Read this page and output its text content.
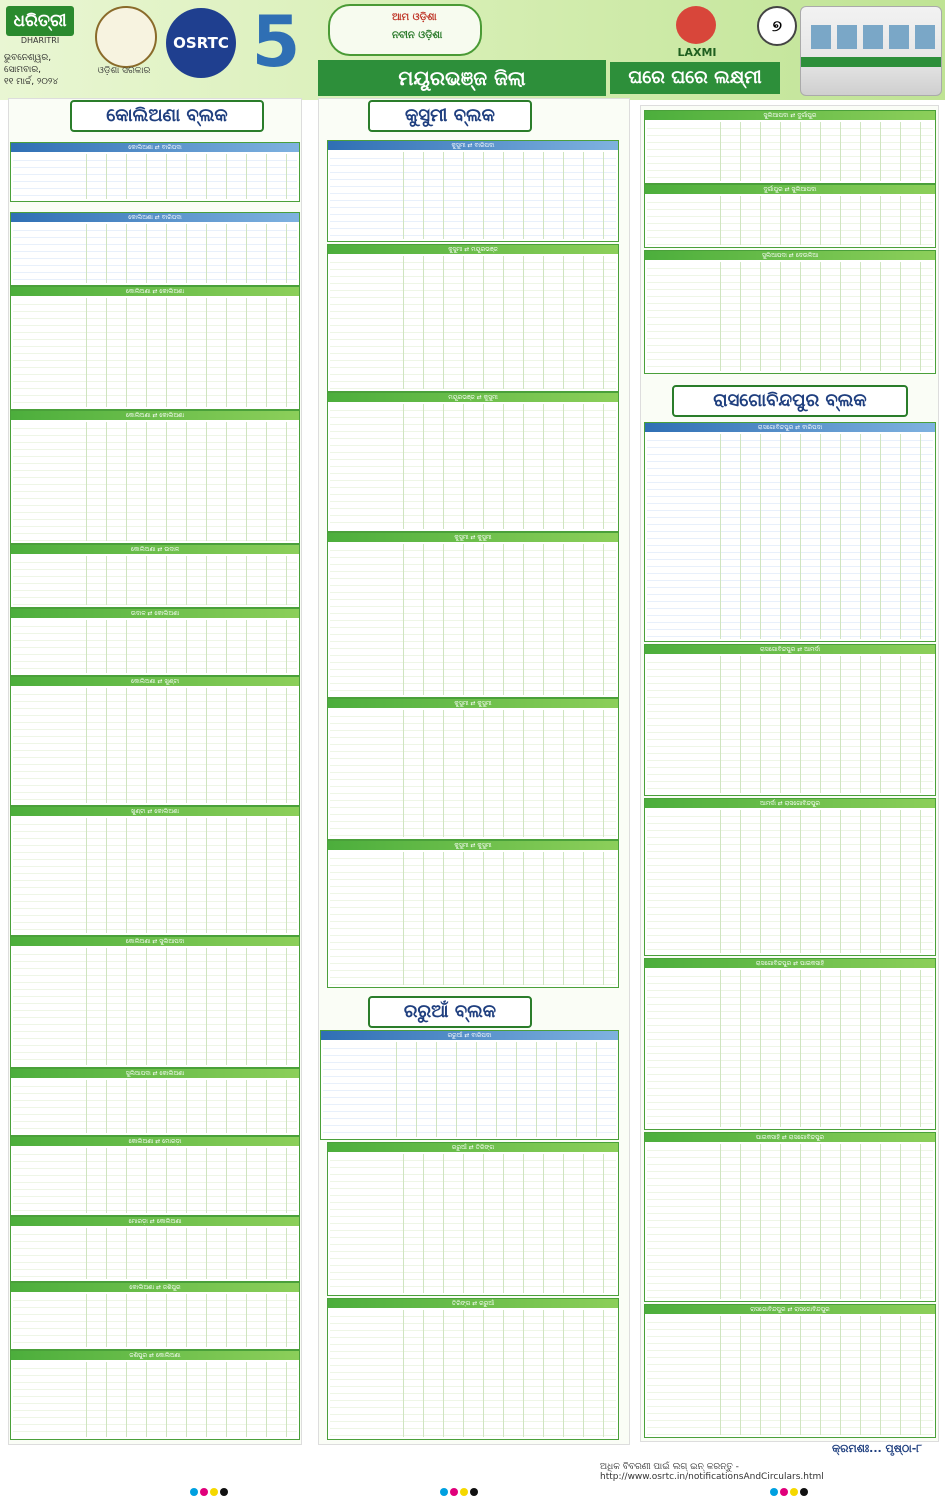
ଧରିତ୍ରୀ
DHARITRI
ଭୁବନେଶ୍ୱର, ସୋମବାର,
୧୧ ମାର୍ଚ୍ଚ, ୨୦୨୪
ଓଡ଼ିଶା ସରକାର
OSRTC 5	ଆମ ଓଡ଼ିଶା
ନବୀନ ଓଡ଼ିଶା
ମୟୂରଭଞ୍ଜ ଜିଲା
LAXMI
୭
ଘରେ ଘରେ ଲକ୍ଷ୍ମୀ
କୋଲିଅଣା ବ୍ଲକ	କୁସୁମୀ ବ୍ଲକ
ରରୁଆଁ ବ୍ଲକ
ରାସଗୋବିନ୍ଦପୁର ବ୍ଲକ
କୋଲିଅଣା ⇄ ବାରିପଦା
କୋଲିଅଣା ⇄ ବାରିପଦା
କୋଲିଅଣା ⇄ କୋଲିଅଣା
କୋଲିଅଣା ⇄ କୋଲିଅଣା
କୋଲିଅଣା ⇄ ଉଦାଳ
ଉଦାଳ ⇄ କୋଲିଅଣା
କୋଲିଅଣା ⇄ ଖୁଣ୍ଟା
ଖୁଣ୍ଟା ⇄ କୋଲିଅଣା
କୋଲିଅଣା ⇄ ସୁଲିଆପଦା
ସୁଲିଆପଦା ⇄ କୋଲିଅଣା
କୋଲିଅଣା ⇄ ମୋରଡ଼ା
ମୋରଡ଼ା ⇄ କୋଲିଅଣା
କୋଲିଅଣା ⇄ ଜଶିପୁର
ଜଶିପୁର ⇄ କୋଲିଅଣା
କୁସୁମୀ ⇄ ବାରିପଦା
କୁସୁମୀ ⇄ ମୟୂରଭଞ୍ଜ
ମୟୂରଭଞ୍ଜ ⇄ କୁସୁମୀ
କୁସୁମୀ ⇄ କୁସୁମୀ
କୁସୁମୀ ⇄ କୁସୁମୀ
କୁସୁମୀ ⇄ କୁସୁମୀ
ରରୁଆଁ ⇄ ବାରିପଦା
ରରୁଆଁ ⇄ ତିରିଙ୍ଗ
ତିରିଙ୍ଗ ⇄ ରରୁଆଁ
ସୁଲିଆପଦା ⇄ ଦୁର୍ଗାପୁର
ଦୁର୍ଗାପୁର ⇄ ସୁଲିଆପଦା
ସୁଲିଆପଦା ⇄ ଦେଉଳିଆ
ରାସଗୋବିନ୍ଦପୁର ⇄ ବାରିପଦା
ରାସଗୋବିନ୍ଦପୁର ⇄ ଆମର୍ଦା
ଆମର୍ଦା ⇄ ରାସଗୋବିନ୍ଦପୁର
ରାସଗୋବିନ୍ଦପୁର ⇄ ପାଇକସାହି
ପାଇକସାହି ⇄ ରାସଗୋବିନ୍ଦପୁର
ରାସଗୋବିନ୍ଦପୁର ⇄ ରାସଗୋବିନ୍ଦପୁର
କ୍ରମଶଃ... ପୃଷ୍ଠା-୮
ଅଧିକ ବିବରଣୀ ପାଇଁ ଲଗ୍ ଇନ୍ କରନ୍ତୁ - http://www.osrtc.in/notificationsAndCirculars.html
